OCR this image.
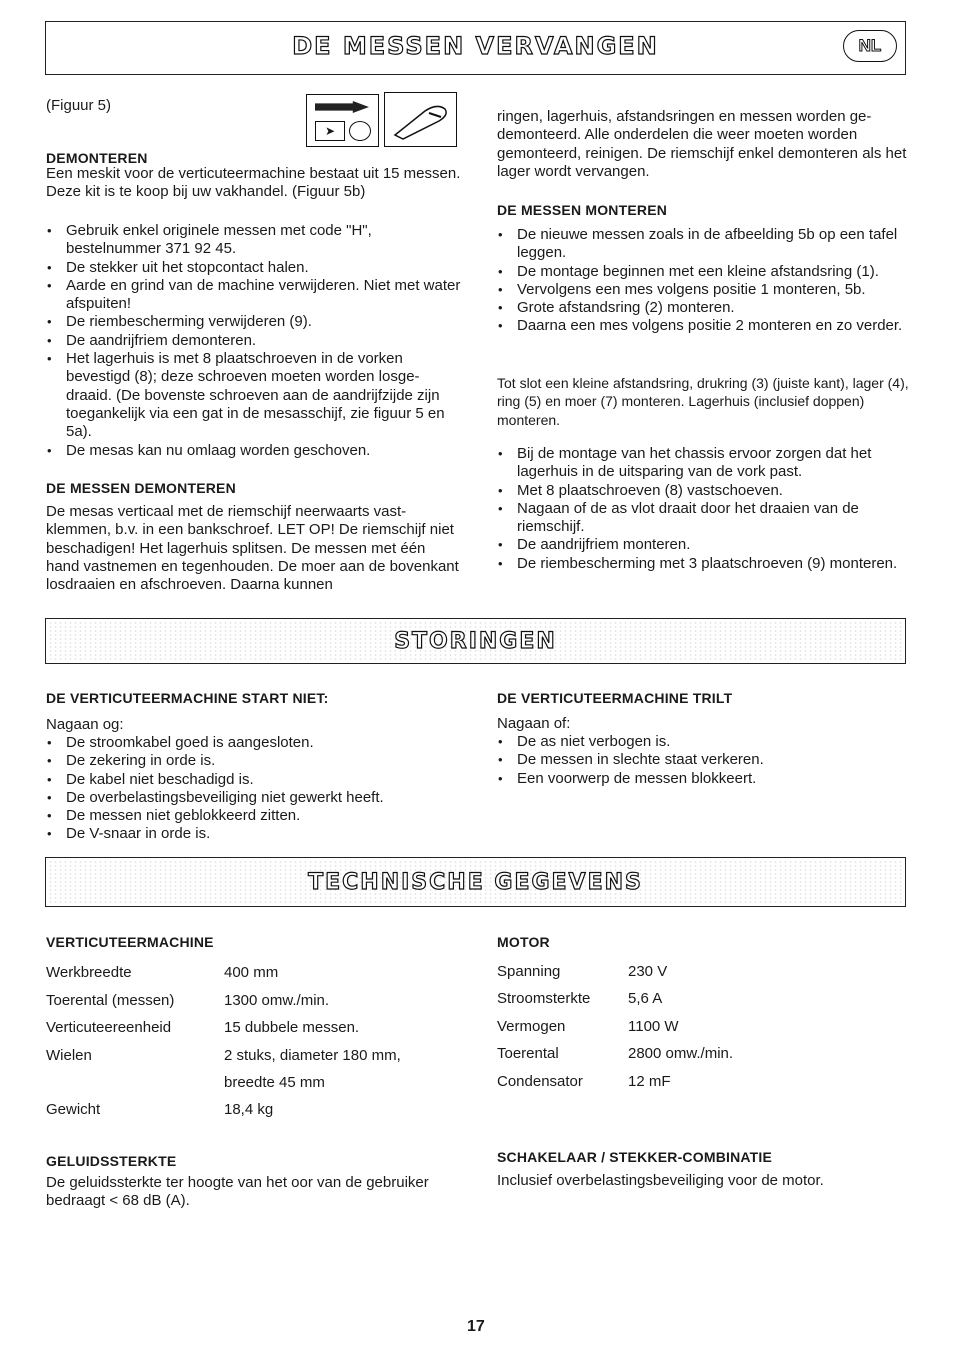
DE MESSEN VERVANGEN	NL
(Figuur 5)
➤
DEMONTEREN
Een meskit voor de verticuteermachine bestaat uit 15 messen. Deze kit is te koop bij uw vakhandel. (Figuur 5b)
• Gebruik enkel originele messen met code "H", bestelnummer 371 92 45.
• De stekker uit het stopcontact halen.
• Aarde en grind van de machine verwijderen. Niet met water afspuiten!
• De riembescherming verwijderen (9).
• De aandrijfriem demonteren.
• Het lagerhuis is met 8 plaatschroeven in de vorken bevestigd (8); deze schroeven moeten worden losge-draaid. (De bovenste schroeven aan de aandrijfzijde zijn toegankelijk via een gat in de mesasschijf, zie figuur 5 en 5a).
• De mesas kan nu omlaag worden geschoven.
DE MESSEN DEMONTEREN
De mesas verticaal met de riemschijf neerwaarts vast-klemmen, b.v. in een bankschroef. LET OP! De riemschijf niet beschadigen! Het lagerhuis splitsen. De messen met één hand vastnemen en tegenhouden. De moer aan de bovenkant losdraaien en afschroeven. Daarna kunnen
ringen, lagerhuis, afstandsringen en messen worden ge-demonteerd. Alle onderdelen die weer moeten worden gemonteerd, reinigen. De riemschijf enkel demonteren als het lager wordt vervangen.
DE MESSEN MONTEREN
• De nieuwe messen zoals in de afbeelding 5b op een tafel leggen.
• De montage beginnen met een kleine afstandsring (1).
• Vervolgens een mes volgens positie 1 monteren, 5b.
• Grote afstandsring (2) monteren.
• Daarna een mes volgens positie 2 monteren en zo verder.
Tot slot een kleine afstandsring, drukring (3) (juiste kant), lager (4), ring (5) en moer (7) monteren. Lagerhuis (inclusief doppen) monteren.
• Bij de montage van het chassis ervoor zorgen dat het lagerhuis in de uitsparing van de vork past.
• Met 8 plaatschroeven (8) vastschoeven.
• Nagaan of de as vlot draait door het draaien van de riemschijf.
• De aandrijfriem monteren.
• De riembescherming met 3 plaatschroeven (9) monteren.
STORINGEN
DE VERTICUTEERMACHINE START NIET:
Nagaan og:
• De stroomkabel goed is aangesloten.
• De zekering in orde is.
• De kabel niet beschadigd is.
• De overbelastingsbeveiliging niet gewerkt heeft.
• De messen niet geblokkeerd zitten.
• De V-snaar in orde is.
DE VERTICUTEERMACHINE TRILT
Nagaan of:
• De as niet verbogen is.
• De messen in slechte staat verkeren.
• Een voorwerp de messen blokkeert.
TECHNISCHE GEGEVENS
VERTICUTEERMACHINE
Werkbreedte	400 mm
Toerental (messen)	1300 omw./min.
Verticuteereenheid	15 dubbele messen.
Wielen	2 stuks, diameter 180 mm,
breedte 45 mm
Gewicht	18,4 kg
MOTOR
Spanning	230 V
Stroomsterkte	5,6 A
Vermogen	1100 W
Toerental	2800 omw./min.
Condensator	12 mF
GELUIDSSTERKTE
De geluidssterkte ter hoogte van het oor van de gebruiker bedraagt < 68 dB (A).
SCHAKELAAR / STEKKER-COMBINATIE
Inclusief overbelastingsbeveiliging voor de motor.
17
